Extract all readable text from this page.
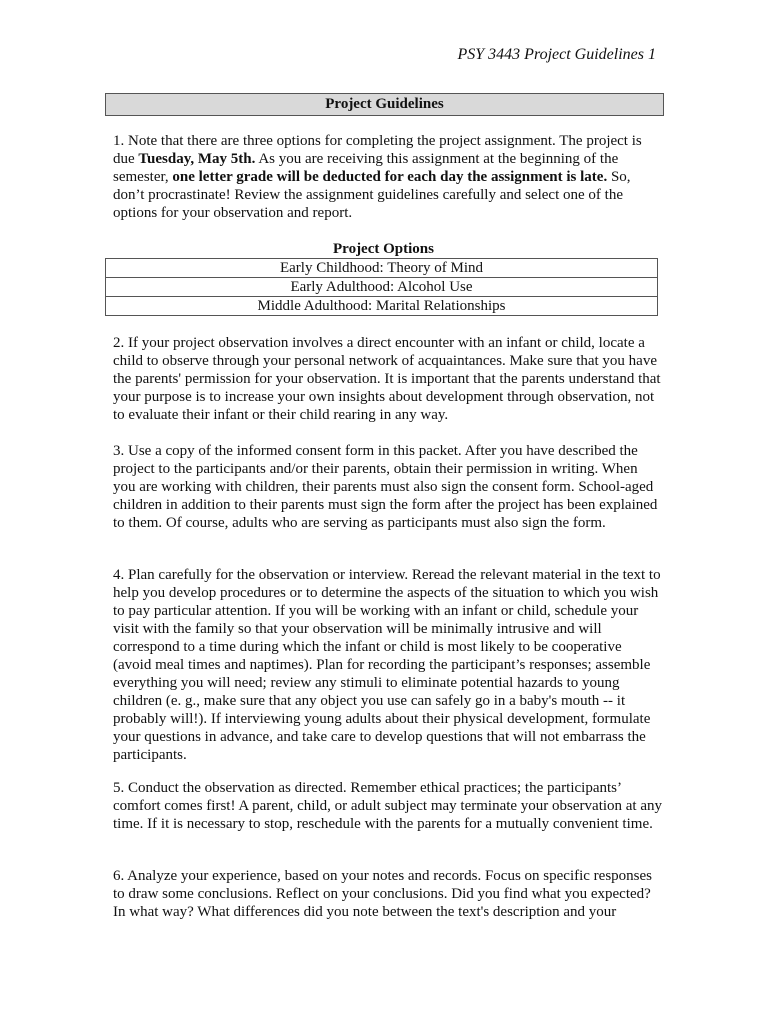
PSY 3443 Project Guidelines 1
Project Guidelines

1. Note that there are three options for completing the project assignment. The project is due Tuesday, May 5th. As you are receiving this assignment at the beginning of the semester, one letter grade will be deducted for each day the assignment is late. So, don’t procrastinate! Review the assignment guidelines carefully and select one of the options for your observation and report.

Project Options
Early Childhood: Theory of Mind
Early Adulthood: Alcohol Use
Middle Adulthood: Marital Relationships

2. If your project observation involves a direct encounter with an infant or child, locate a child to observe through your personal network of acquaintances. Make sure that you have the parents' permission for your observation. It is important that the parents understand that your purpose is to increase your own insights about development through observation, not to evaluate their infant or their child rearing in any way.

3. Use a copy of the informed consent form in this packet. After you have described the project to the participants and/or their parents, obtain their permission in writing. When you are working with children, their parents must also sign the consent form. School-aged children in addition to their parents must sign the form after the project has been explained to them. Of course, adults who are serving as participants must also sign the form.

4. Plan carefully for the observation or interview. Reread the relevant material in the text to help you develop procedures or to determine the aspects of the situation to which you wish to pay particular attention. If you will be working with an infant or child, schedule your visit with the family so that your observation will be minimally intrusive and will correspond to a time during which the infant or child is most likely to be cooperative (avoid meal times and naptimes). Plan for recording the participant’s responses; assemble everything you will need; review any stimuli to eliminate potential hazards to young children (e. g., make sure that any object you use can safely go in a baby's mouth -- it probably will!). If interviewing young adults about their physical development, formulate your questions in advance, and take care to develop questions that will not embarrass the participants.

5. Conduct the observation as directed. Remember ethical practices; the participants’ comfort comes first! A parent, child, or adult subject may terminate your observation at any time. If it is necessary to stop, reschedule with the parents for a mutually convenient time.

6. Analyze your experience, based on your notes and records. Focus on specific responses to draw some conclusions. Reflect on your conclusions. Did you find what you expected? In what way? What differences did you note between the text's description and your
